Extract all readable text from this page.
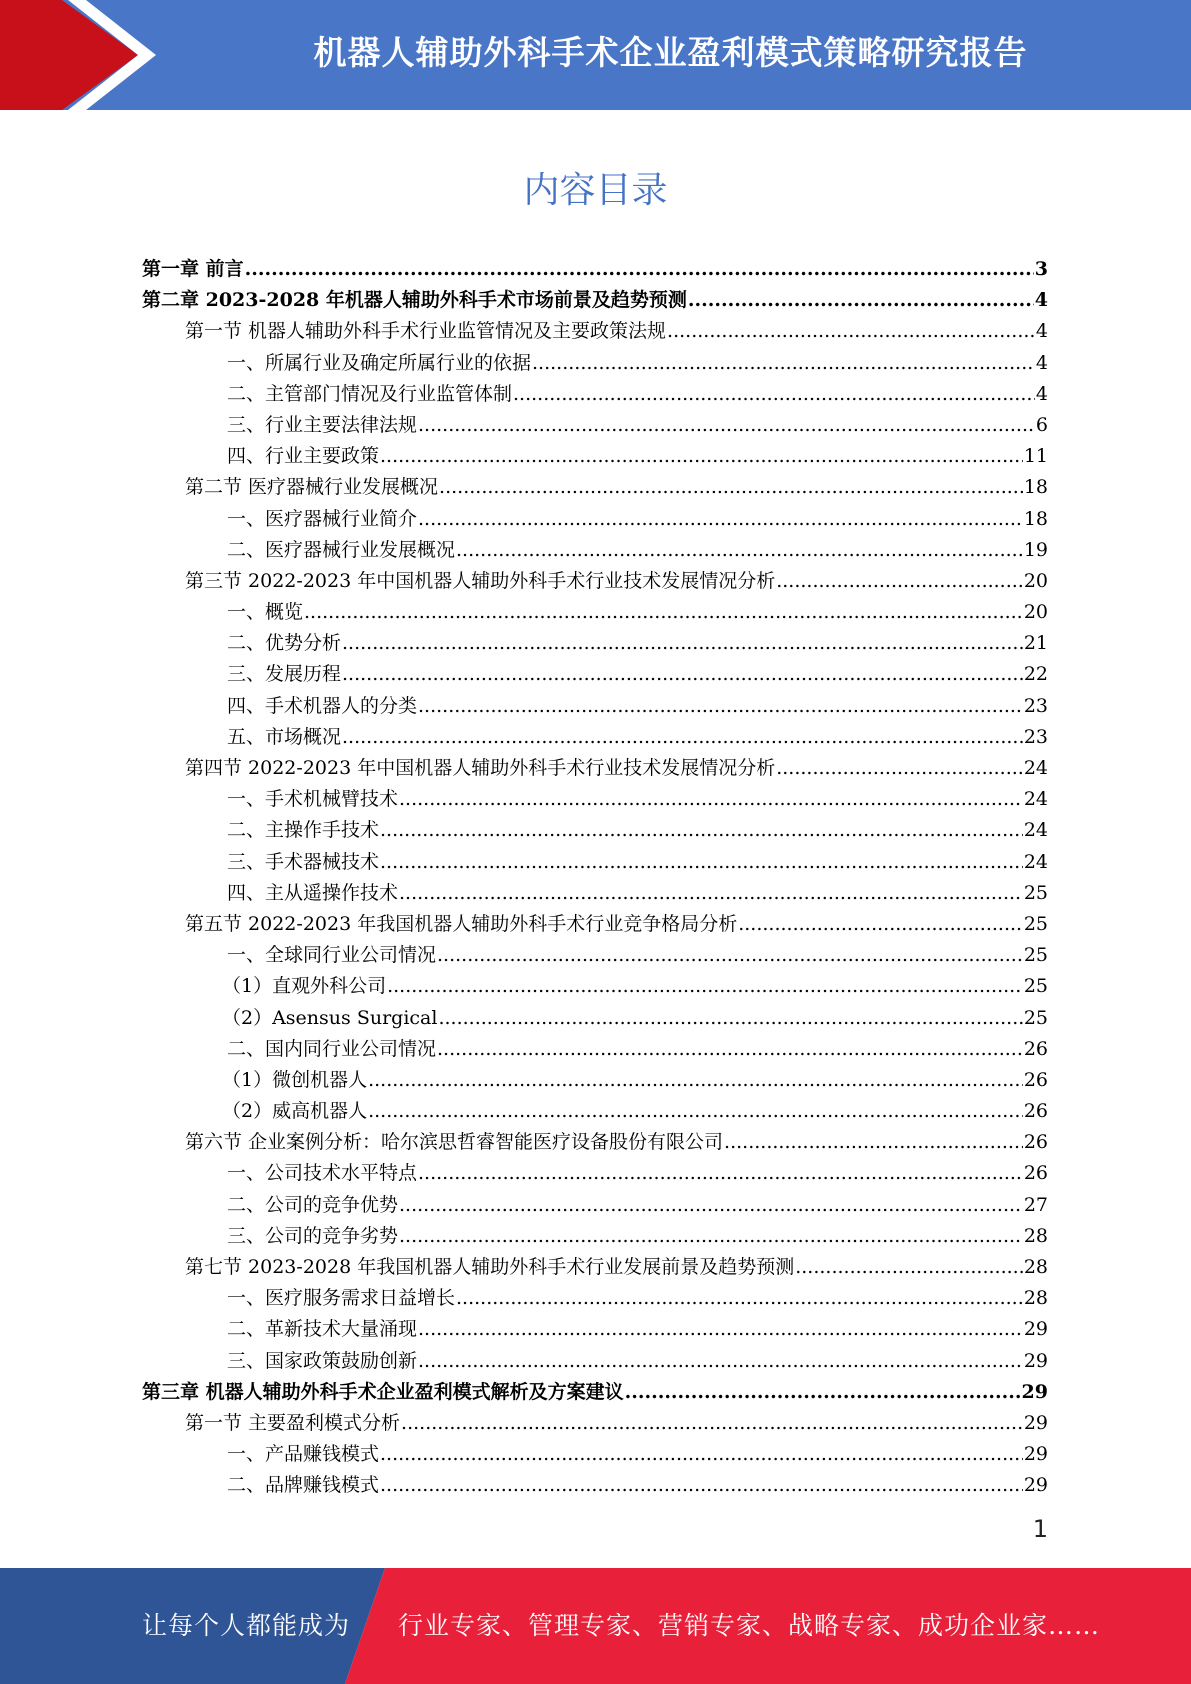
机器人辅助外科手术企业盈利模式策略研究报告
内容目录
第一章 前言 .....	3
第二章 2023-2028 年机器人辅助外科手术市场前景及趋势预测 .....	4
第一节 机器人辅助外科手术行业监管情况及主要政策法规 .....	4
一、所属行业及确定所属行业的依据 .....	4
二、主管部门情况及行业监管体制 .....	4
三、行业主要法律法规 .....	6
四、行业主要政策 .....	11
第二节 医疗器械行业发展概况 .....	18
一、医疗器械行业简介 .....	18
二、医疗器械行业发展概况 .....	19
第三节 2022-2023 年中国机器人辅助外科手术行业技术发展情况分析 .....	20
一、概览 .....	20
二、优势分析 .....	21
三、发展历程 .....	22
四、手术机器人的分类 .....	23
五、市场概况 .....	23
第四节 2022-2023 年中国机器人辅助外科手术行业技术发展情况分析 .....	24
一、手术机械臂技术 .....	24
二、主操作手技术 .....	24
三、手术器械技术 .....	24
四、主从遥操作技术 .....	25
第五节 2022-2023 年我国机器人辅助外科手术行业竞争格局分析 .....	25
一、全球同行业公司情况 .....	25
（1）直观外科公司 .....	25
（2）Asensus Surgical .....	25
二、国内同行业公司情况 .....	26
（1）微创机器人 .....	26
（2）威高机器人 .....	26
第六节 企业案例分析：哈尔滨思哲睿智能医疗设备股份有限公司 .....	26
一、公司技术水平特点 .....	26
二、公司的竞争优势 .....	27
三、公司的竞争劣势 .....	28
第七节 2023-2028 年我国机器人辅助外科手术行业发展前景及趋势预测 .....	28
一、医疗服务需求日益增长 .....	28
二、革新技术大量涌现 .....	29
三、国家政策鼓励创新 .....	29
第三章 机器人辅助外科手术企业盈利模式解析及方案建议 .....	29
第一节 主要盈利模式分析 .....	29
一、产品赚钱模式 .....	29
二、品牌赚钱模式 .....	29
1
让每个人都能成为 行业专家、管理专家、营销专家、战略专家、成功企业家……
